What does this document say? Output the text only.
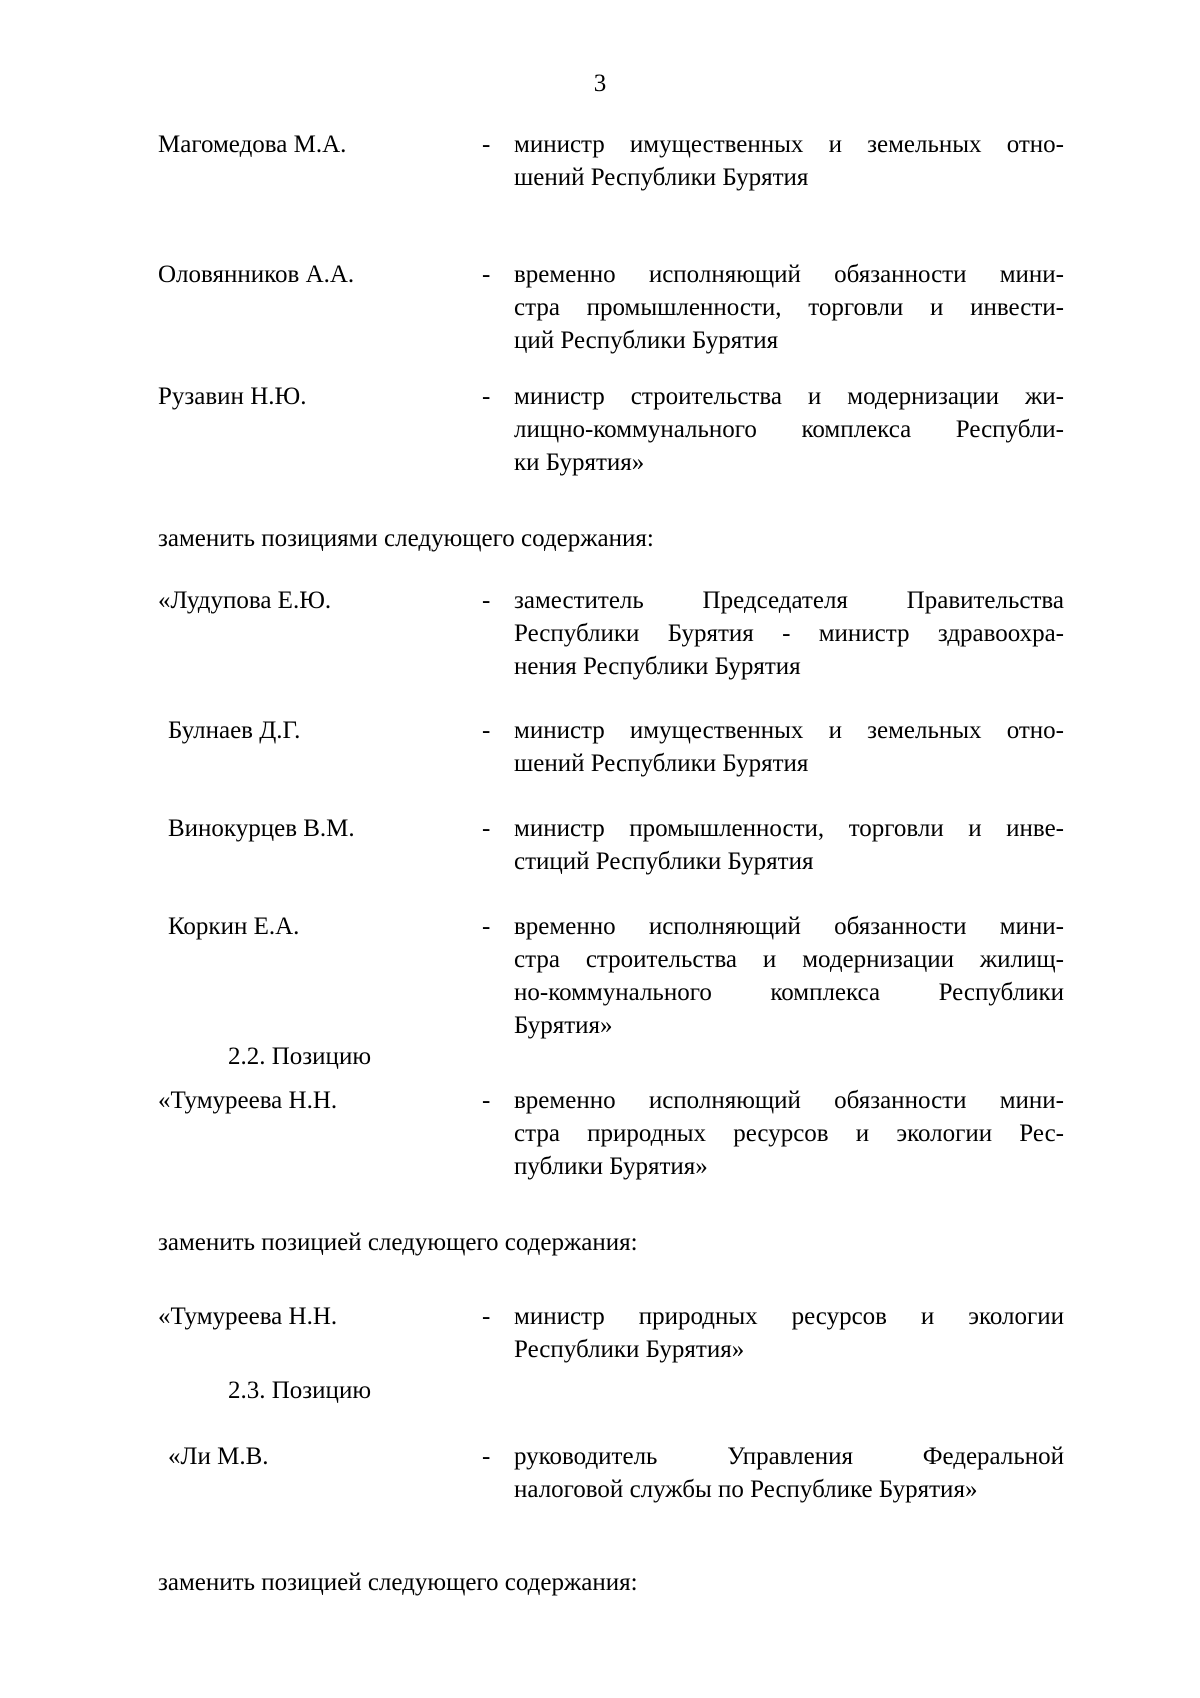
3
Магомедова М.А.	- министр имущественных и земельных отно-
шений Республики Бурятия
Оловянников А.А.	- временно исполняющий обязанности мини-
стра промышленности, торговли и инвести-
ций Республики Бурятия
Рузавин Н.Ю.	- министр строительства и модернизации жи-
лищно-коммунального комплекса Республи-
ки Бурятия»
заменить позициями следующего содержания:
«Лудупова Е.Ю.	- заместитель Председателя Правительства
Республики Бурятия - министр здравоохра-
нения Республики Бурятия
Булнаев Д.Г.	- министр имущественных и земельных отно-
шений Республики Бурятия
Винокурцев В.М.	- министр промышленности, торговли и инве-
стиций Республики Бурятия
Коркин Е.А.	- временно исполняющий обязанности мини-
стра строительства и модернизации жилищ-
но-коммунального комплекса Республики
Бурятия»
2.2. Позицию
«Тумуреева Н.Н.	- временно исполняющий обязанности мини-
стра природных ресурсов и экологии Рес-
публики Бурятия»
заменить позицией следующего содержания:
«Тумуреева Н.Н.	- министр природных ресурсов и экологии
Республики Бурятия»
2.3. Позицию
«Ли М.В.	- руководитель Управления Федеральной
налоговой службы по Республике Бурятия»
заменить позицией следующего содержания:
